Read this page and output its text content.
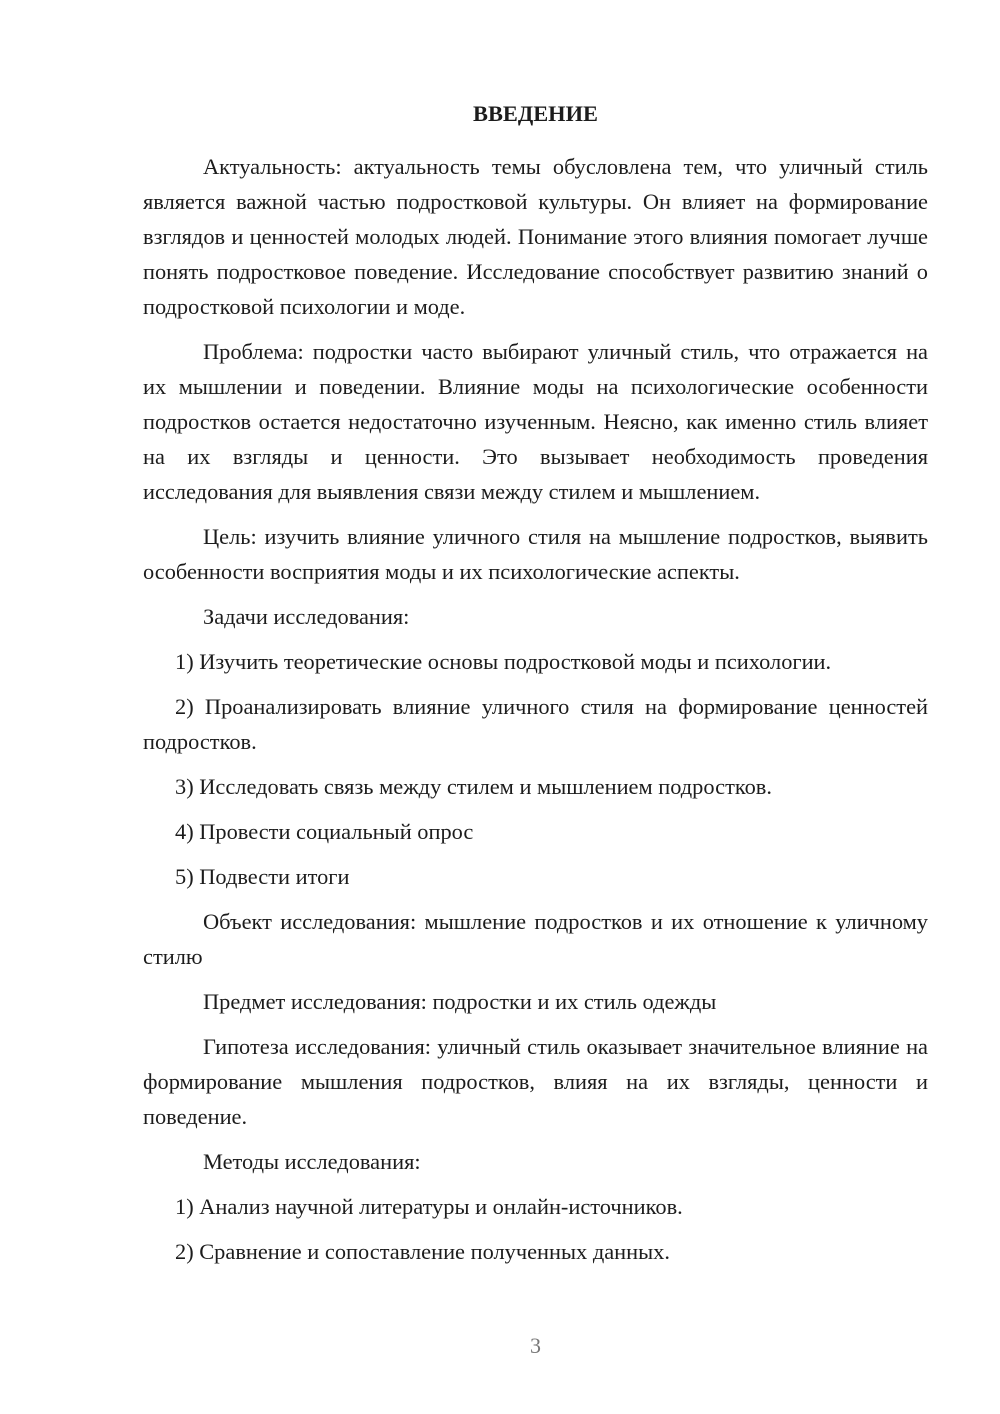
ВВЕДЕНИЕ

Актуальность: актуальность темы обусловлена тем, что уличный стиль является важной частью подростковой культуры. Он влияет на формирование взглядов и ценностей молодых людей. Понимание этого влияния помогает лучше понять подростковое поведение. Исследование способствует развитию знаний о подростковой психологии и моде.

Проблема: подростки часто выбирают уличный стиль, что отражается на их мышлении и поведении. Влияние моды на психологические особенности подростков остается недостаточно изученным. Неясно, как именно стиль влияет на их взгляды и ценности. Это вызывает необходимость проведения исследования для выявления связи между стилем и мышлением.

Цель: изучить влияние уличного стиля на мышление подростков, выявить особенности восприятия моды и их психологические аспекты.

Задачи исследования:

1) Изучить теоретические основы подростковой моды и психологии.

2) Проанализировать влияние уличного стиля на формирование ценностей подростков.

3) Исследовать связь между стилем и мышлением подростков.

4) Провести социальный опрос

5) Подвести итоги

Объект исследования: мышление подростков и их отношение к уличному стилю

Предмет исследования: подростки и их стиль одежды

Гипотеза исследования: уличный стиль оказывает значительное влияние на формирование мышления подростков, влияя на их взгляды, ценности и поведение.

Методы исследования:

1) Анализ научной литературы и онлайн-источников.

2) Сравнение и сопоставление полученных данных.

3
